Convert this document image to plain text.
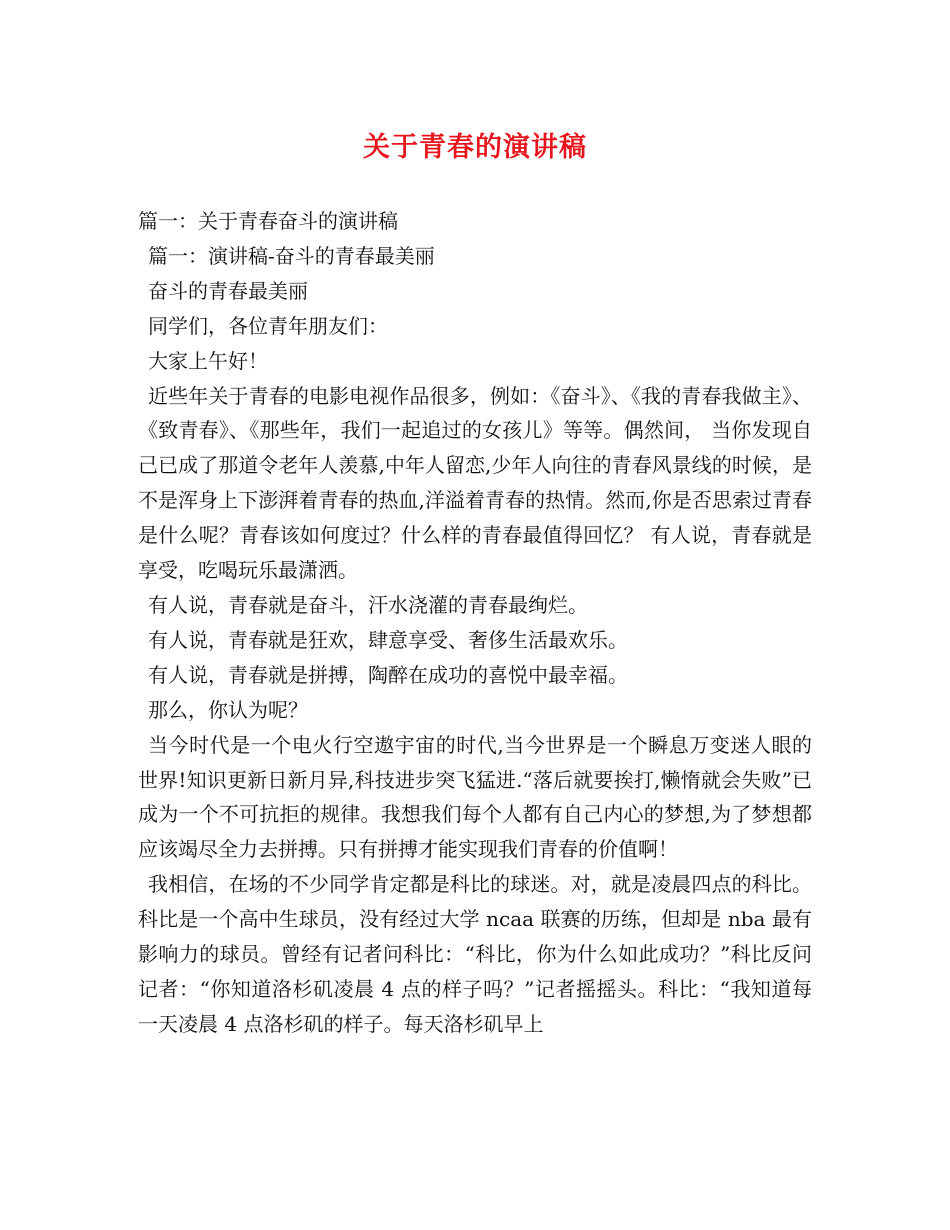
关于青春的演讲稿

篇一：关于青春奋斗的演讲稿

篇一：演讲稿-奋斗的青春最美丽

奋斗的青春最美丽

同学们，各位青年朋友们：

大家上午好！

近些年关于青春的电影电视作品很多，例如：《奋斗》、《我的青春我做主》、《致青春》、《那些年，我们一起追过的女孩儿》等等。偶然间， 当你发现自己已成了那道令老年人羡慕,中年人留恋,少年人向往的青春风景线的时候，是不是浑身上下澎湃着青春的热血,洋溢着青春的热情。然而,你是否思索过青春是什么呢？青春该如何度过？什么样的青春最值得回忆？ 有人说，青春就是享受，吃喝玩乐最潇洒。

有人说，青春就是奋斗，汗水浇灌的青春最绚烂。

有人说，青春就是狂欢，肆意享受、奢侈生活最欢乐。

有人说，青春就是拼搏，陶醉在成功的喜悦中最幸福。

那么，你认为呢？

当今时代是一个电火行空遨宇宙的时代,当今世界是一个瞬息万变迷人眼的世界!知识更新日新月异,科技进步突飞猛进.“落后就要挨打,懒惰就会失败”已成为一个不可抗拒的规律。我想我们每个人都有自己内心的梦想,为了梦想都应该竭尽全力去拼搏。只有拼搏才能实现我们青春的价值啊！

我相信，在场的不少同学肯定都是科比的球迷。对，就是凌晨四点的科比。科比是一个高中生球员，没有经过大学 ncaa 联赛的历练，但却是 nba 最有影响力的球员。曾经有记者问科比：“科比，你为什么如此成功？”科比反问记者：“你知道洛杉矶凌晨 4 点的样子吗？”记者摇摇头。科比：“我知道每一天凌晨 4 点洛杉矶的样子。每天洛杉矶早上
